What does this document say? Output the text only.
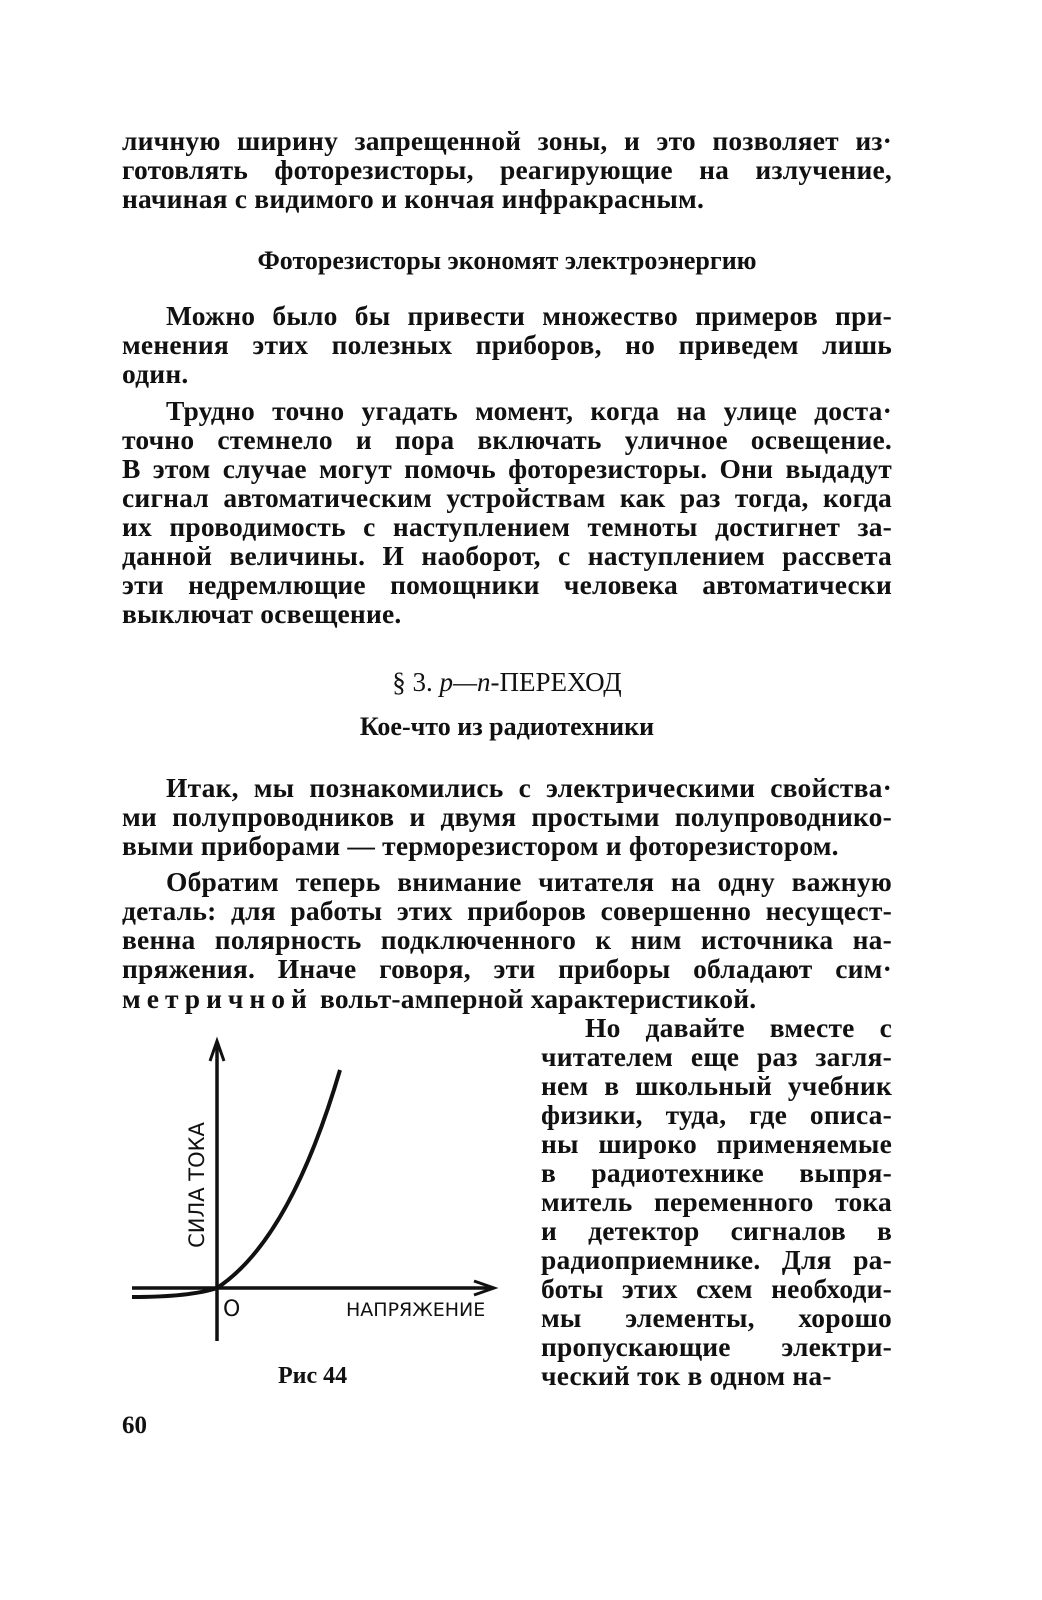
личную ширину запрещенной зоны, и это позволяет из·
готовлять фоторезисторы, реагирующие на излучение,
начиная с видимого и кончая инфракрасным.
Фоторезисторы экономят электроэнергию
Можно было бы привести множество примеров при-
менения этих полезных приборов, но приведем лишь
один.
Трудно точно угадать момент, когда на улице доста·
точно стемнело и пора включать уличное освещение.
В этом случае могут помочь фоторезисторы. Они выдадут
сигнал автоматическим устройствам как раз тогда, когда
их проводимость с наступлением темноты достигнет за-
данной величины. И наоборот, с наступлением рассвета
эти недремлющие помощники человека автоматически
выключат освещение.
§ 3. p—n-ПЕРЕХОД
Кое-что из радиотехники
Итак, мы познакомились с электрическими свойства·
ми полупроводников и двумя простыми полупроводнико-
выми приборами — терморезистором и фоторезистором.
Обратим теперь внимание читателя на одну важную
деталь: для работы этих приборов совершенно несущест-
венна полярность подключенного к ним источника на-
пряжения. Иначе говоря, эти приборы обладают сим·
метричной вольт-амперной характеристикой.
Но давайте вместе с
читателем еще раз загля-
нем в школьный учебник
физики, туда, где описа-
ны широко применяемые
в радиотехнике выпря-
митель переменного тока
и детектор сигналов в
радиоприемнике. Для ра-
боты этих схем необходи-
мы элементы, хорошо
пропускающие электри-
ческий ток в одном на-
СИЛА ТОКА
O	НАПРЯЖЕНИЕ
Рис 44
60
